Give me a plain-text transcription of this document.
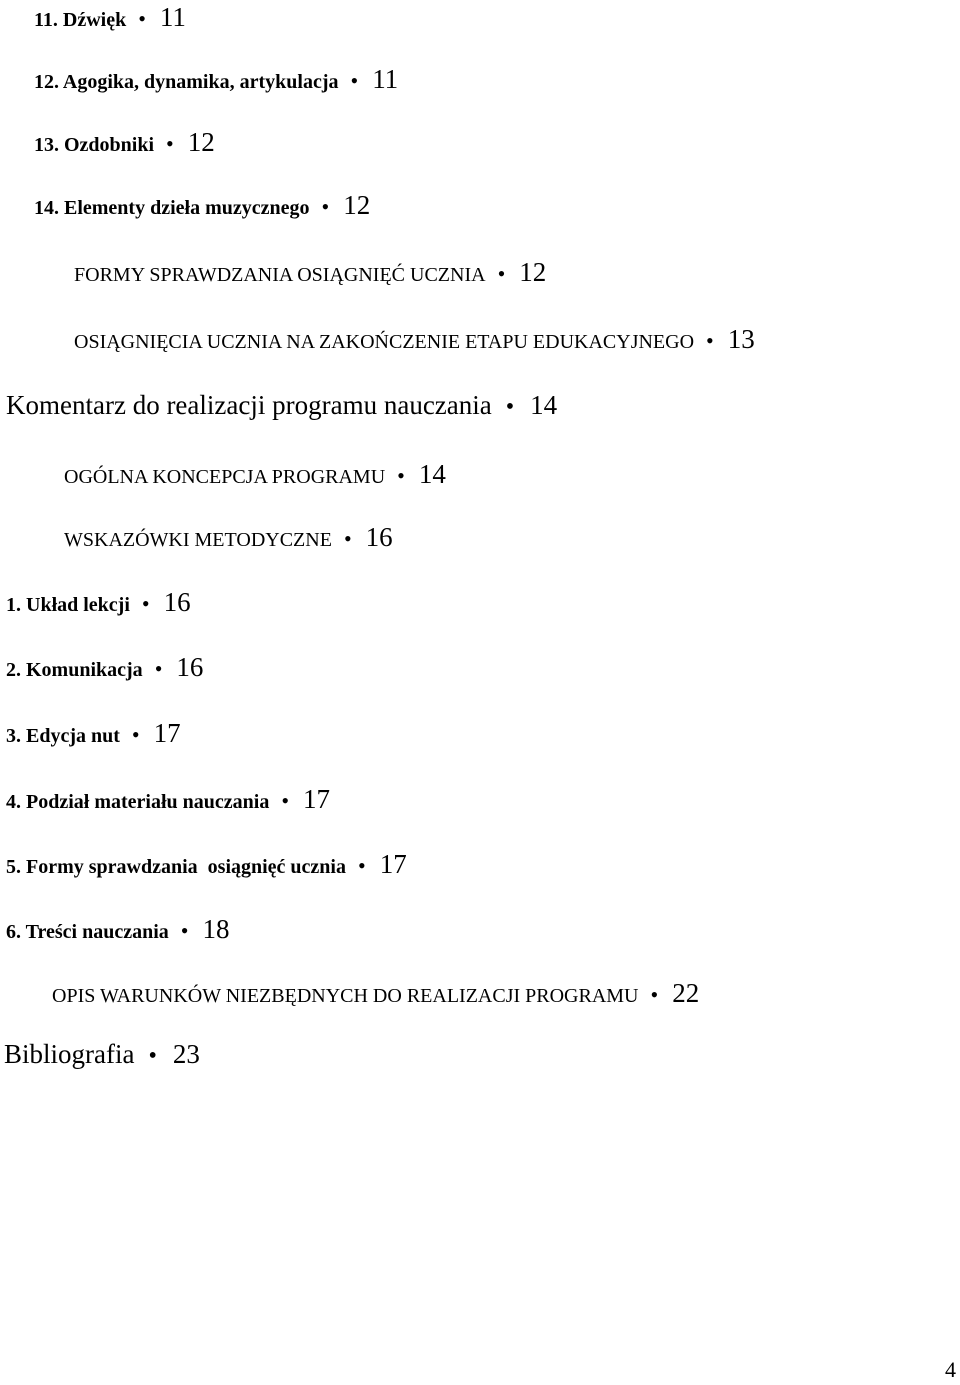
11. Dźwięk • 11
12. Agogika, dynamika, artykulacja • 11
13. Ozdobniki • 12
14. Elementy dzieła muzycznego • 12
FORMY SPRAWDZANIA OSIĄGNIĘĆ UCZNIA • 12
OSIĄGNIĘCIA UCZNIA NA ZAKOŃCZENIE ETAPU EDUKACYJNEGO • 13
Komentarz do realizacji programu nauczania • 14
OGÓLNA KONCEPCJA PROGRAMU • 14
WSKAZÓWKI METODYCZNE • 16
1. Układ lekcji • 16
2. Komunikacja • 16
3. Edycja nut • 17
4. Podział materiału nauczania • 17
5. Formy sprawdzania  osiągnięć ucznia • 17
6. Treści nauczania • 18
OPIS WARUNKÓW NIEZBĘDNYCH DO REALIZACJI PROGRAMU • 22
Bibliografia • 23
4
